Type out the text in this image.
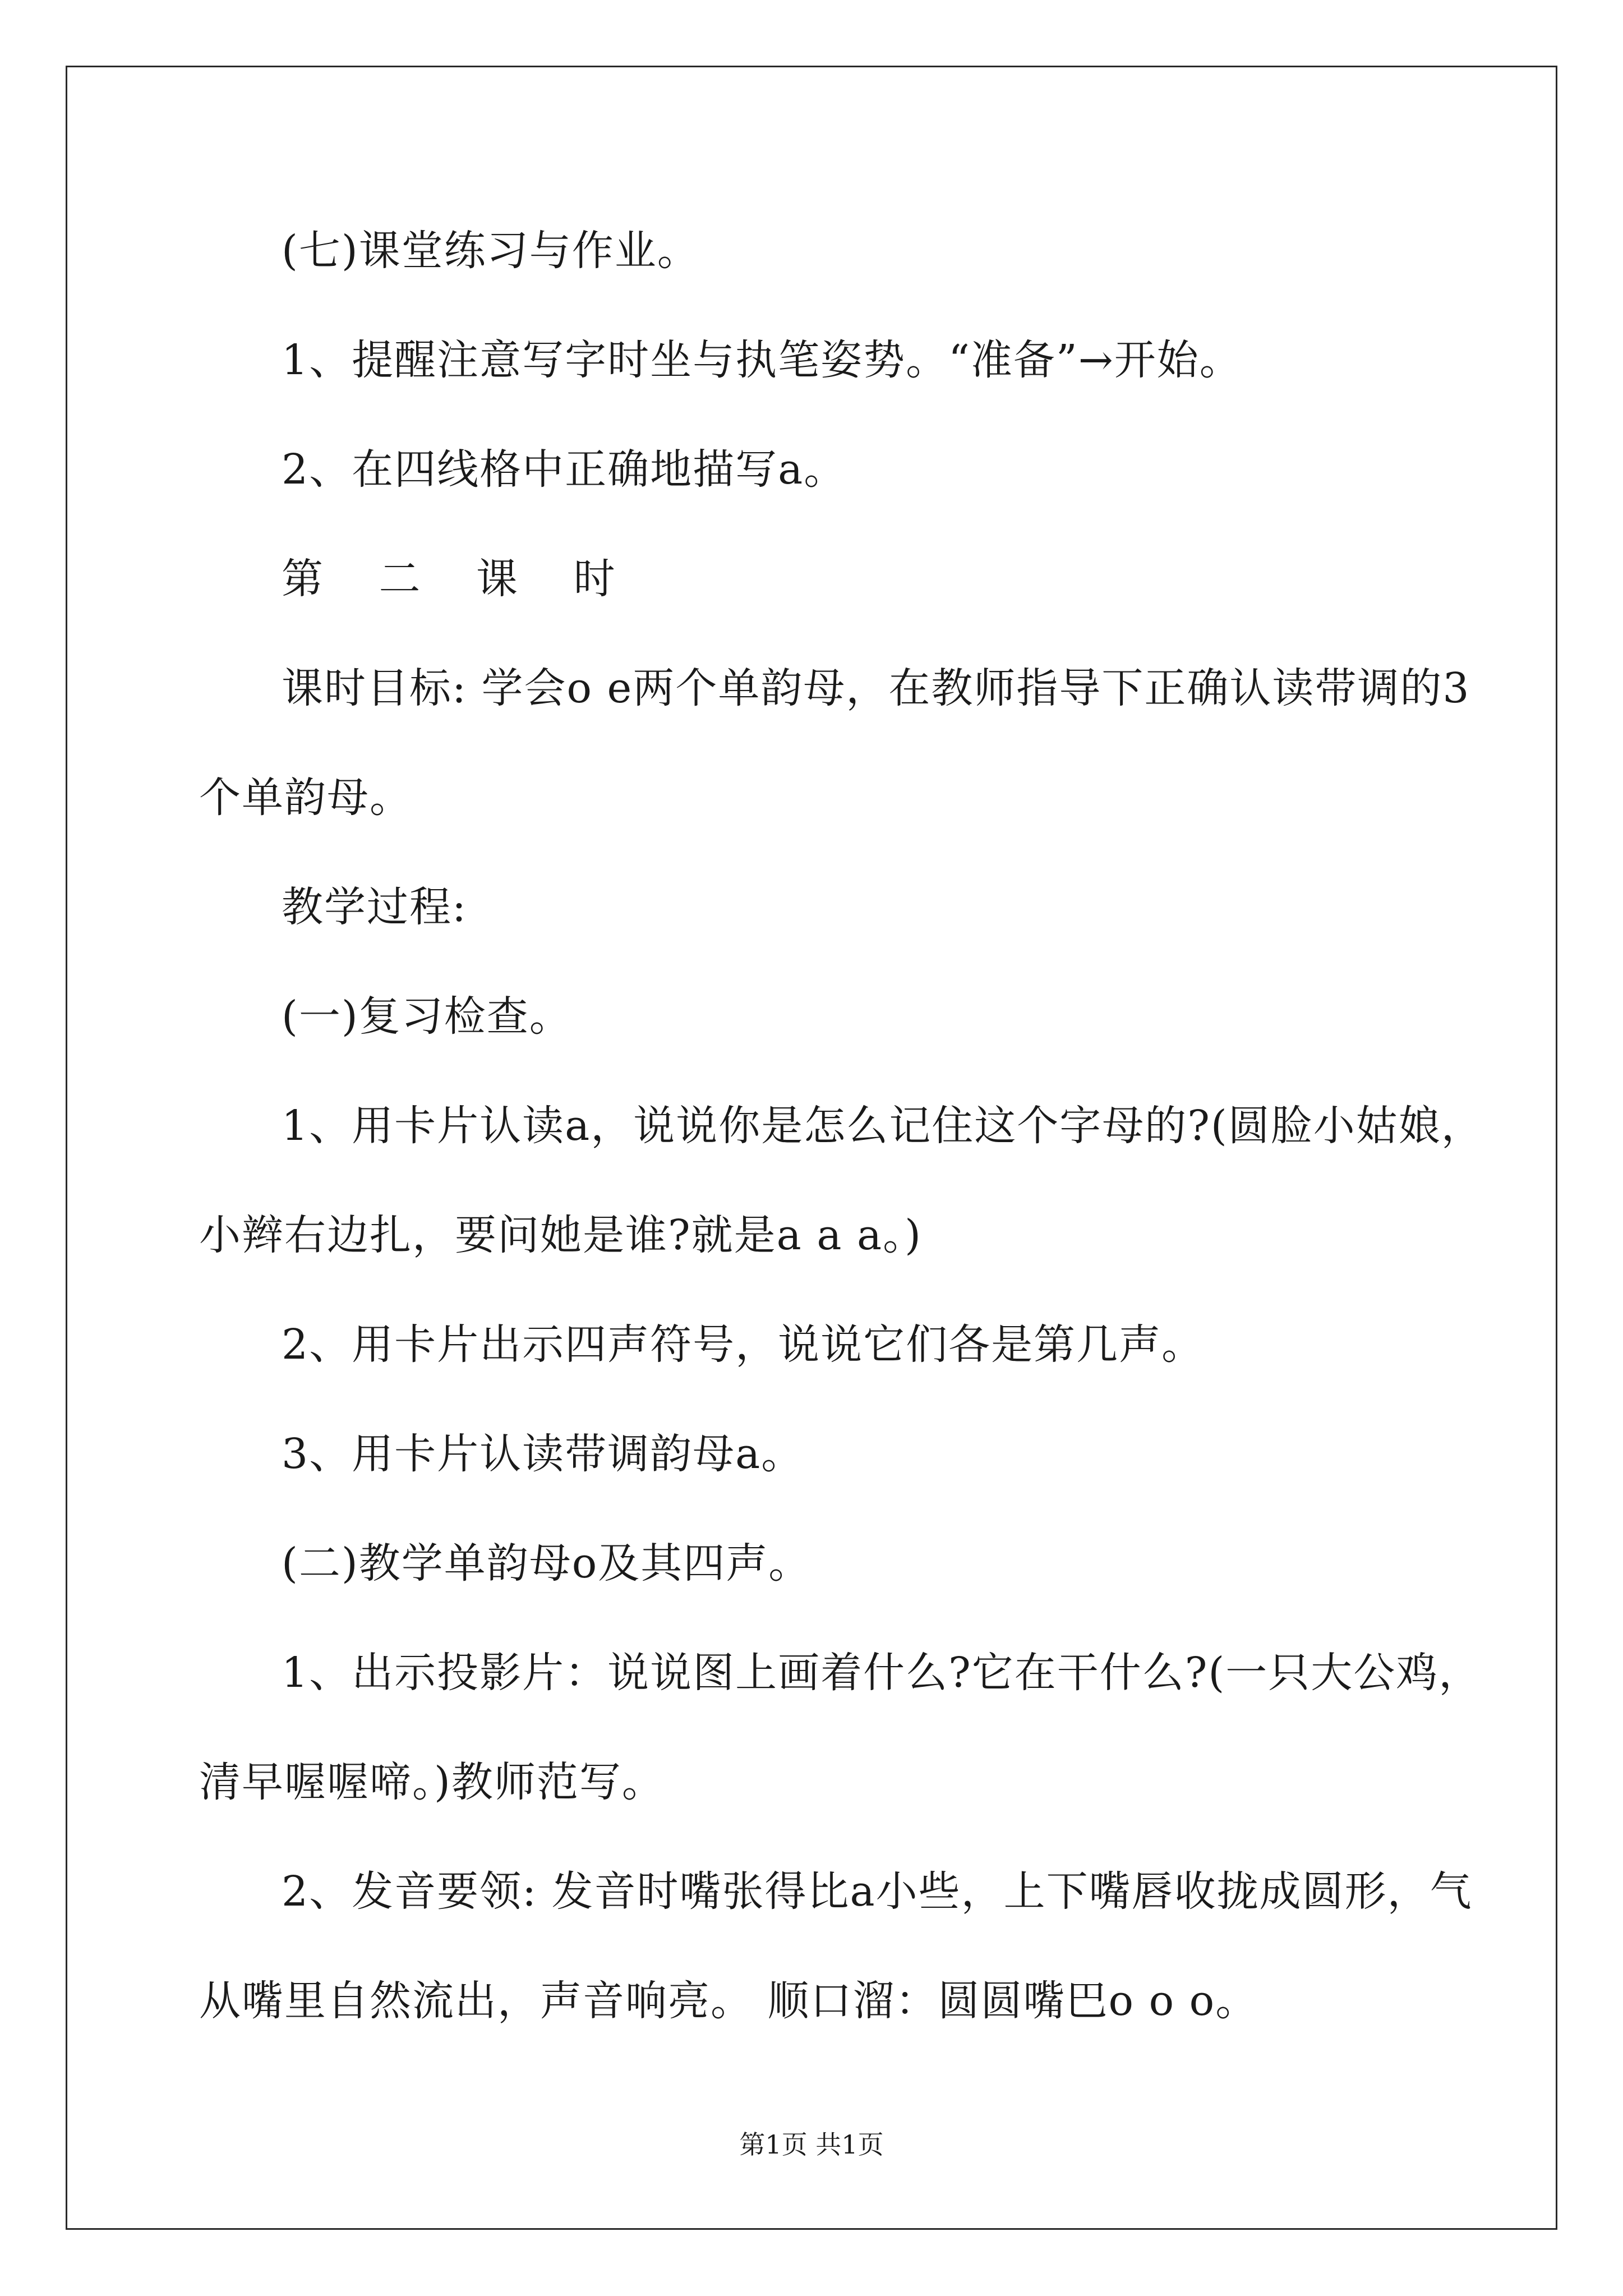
(七)课堂练习与作业。
1、提醒注意写字时坐与执笔姿势。“准备”→开始。
2、在四线格中正确地描写a。
第 二 课 时
课时目标: 学会o e两个单韵母，在教师指导下正确认读带调的3
个单韵母。
教学过程:
(一)复习检查。
1、用卡片认读a，说说你是怎么记住这个字母的?(圆脸小姑娘，
小辫右边扎，要问她是谁?就是a a a。)
2、用卡片出示四声符号，说说它们各是第几声。
3、用卡片认读带调韵母a。
(二)教学单韵母o及其四声。
1、出示投影片：说说图上画着什么?它在干什么?(一只大公鸡，
清早喔喔啼。)教师范写。
2、发音要领: 发音时嘴张得比a小些，上下嘴唇收拢成圆形，气
从嘴里自然流出，声音响亮。 顺口溜：圆圆嘴巴o o o。
第1页 共1页
